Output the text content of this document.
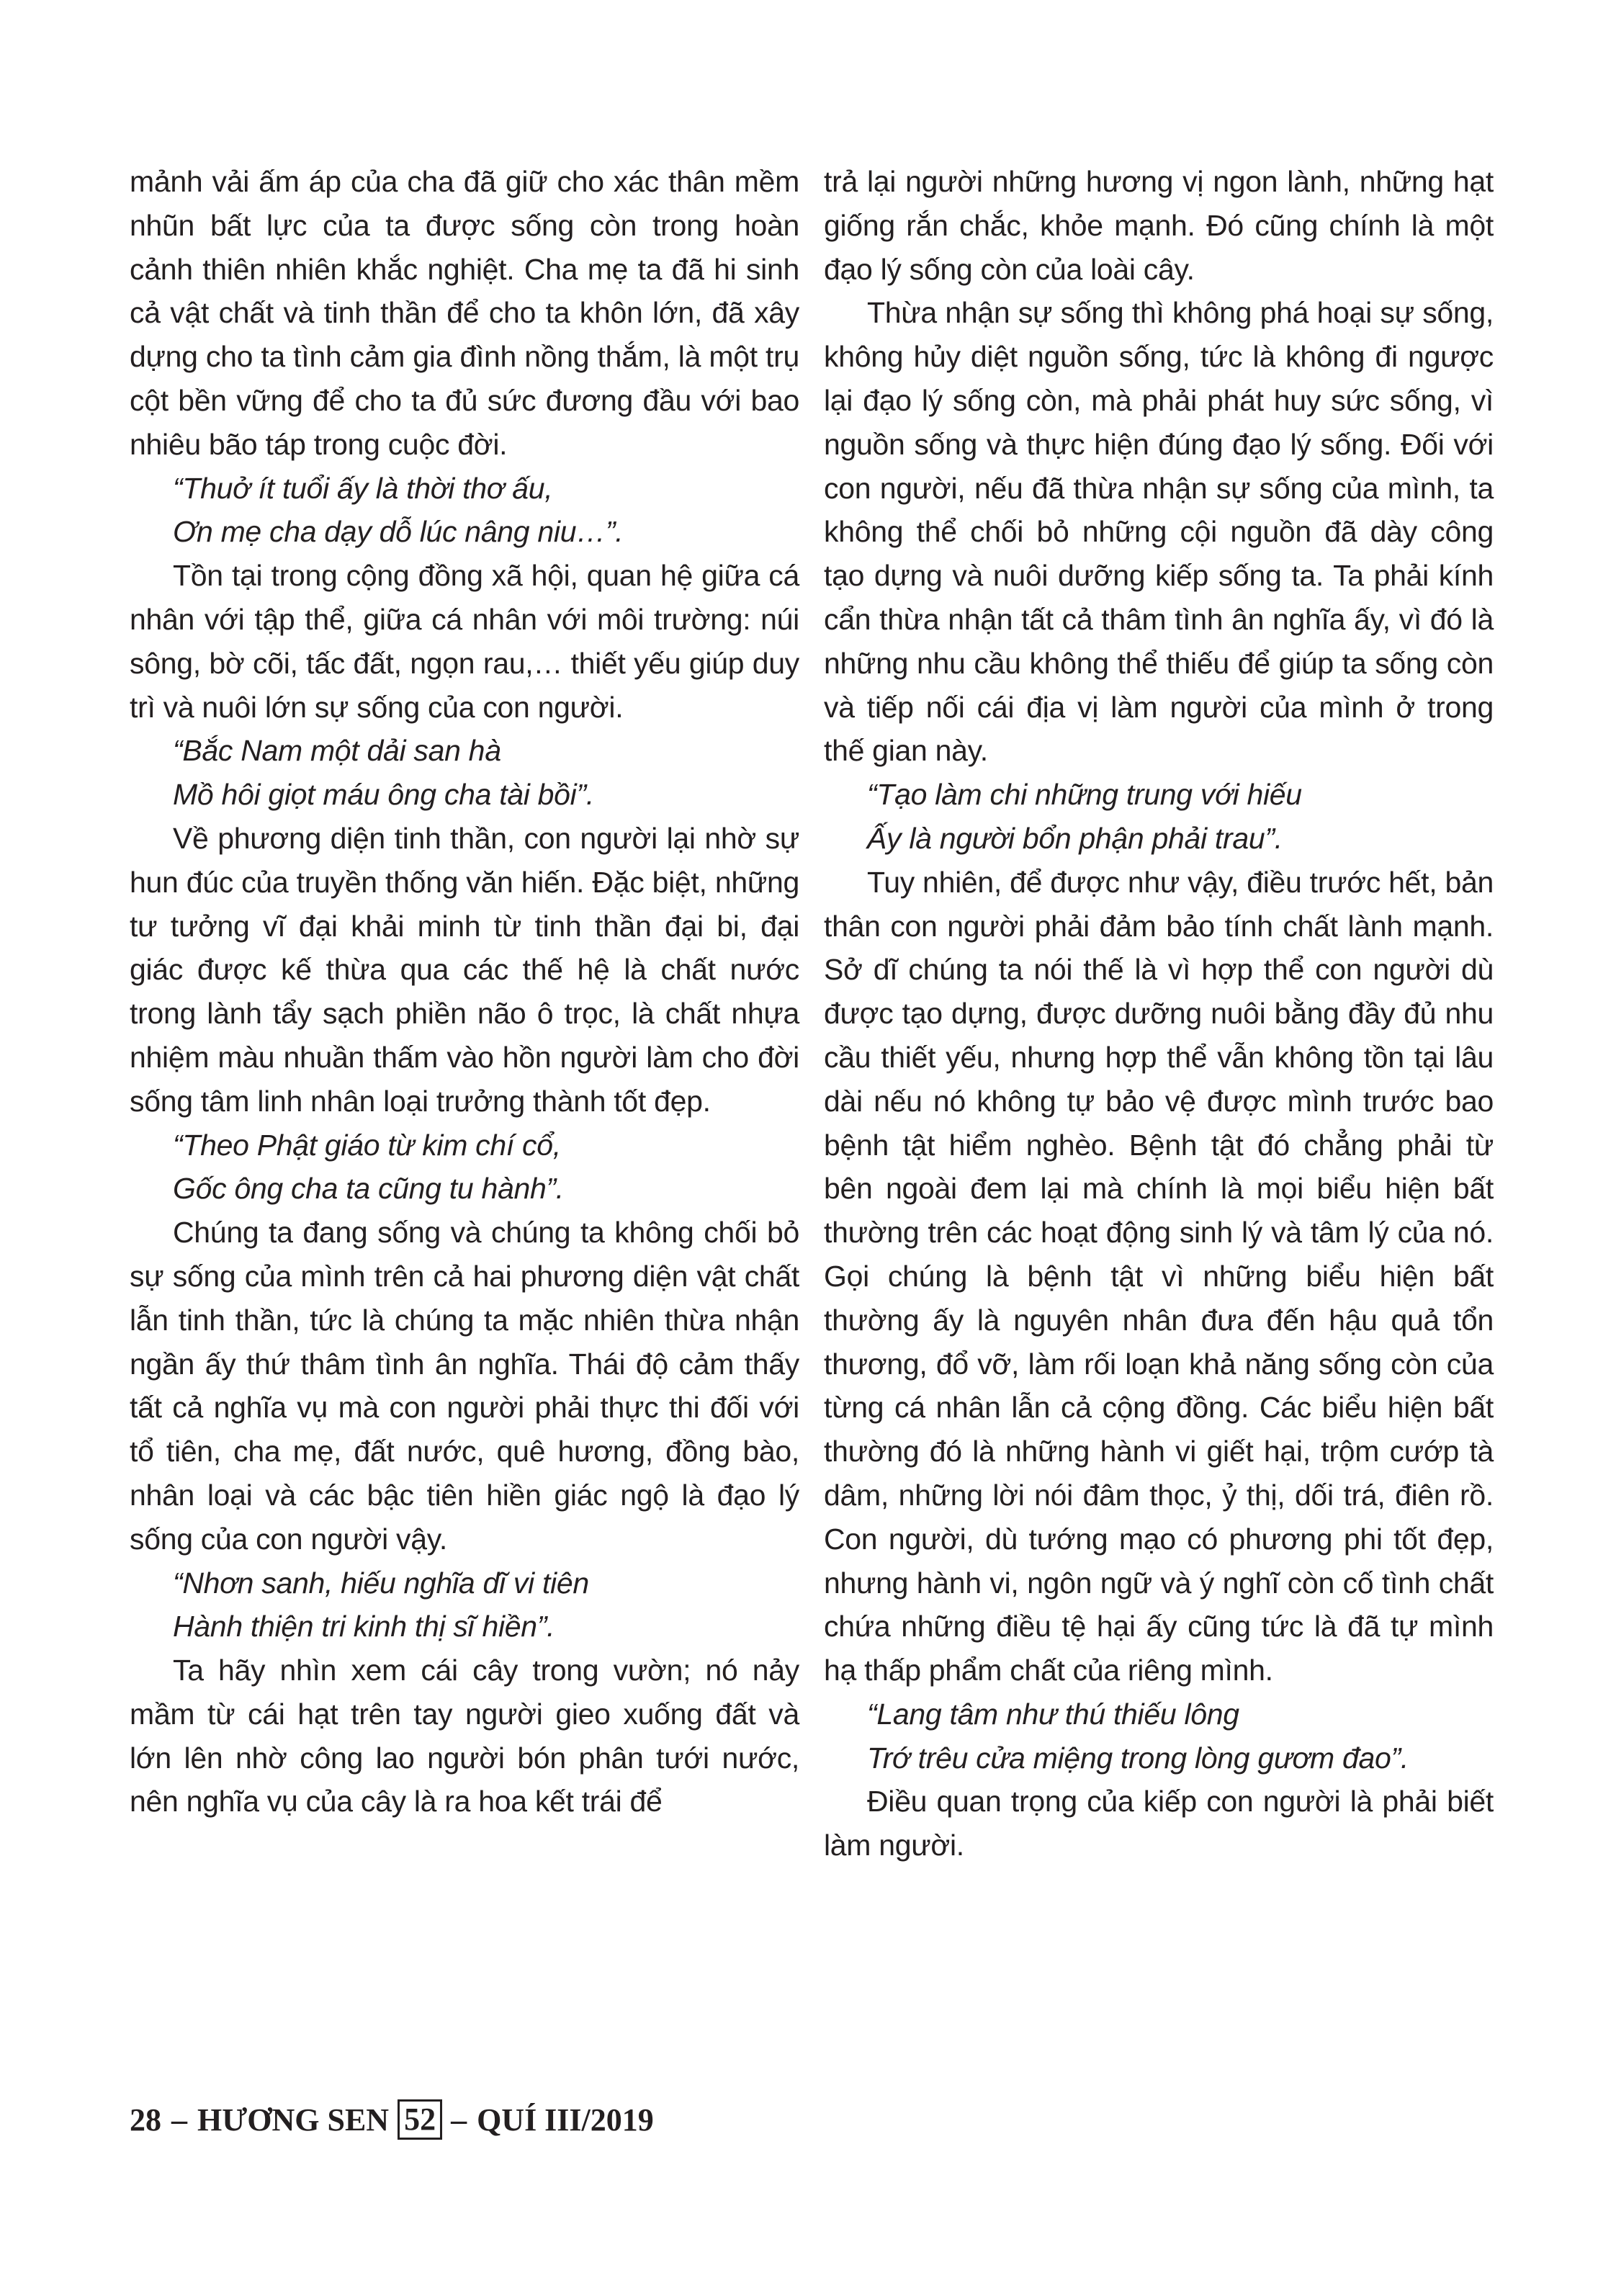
mảnh vải ấm áp của cha đã giữ cho xác thân mềm nhũn bất lực của ta được sống còn trong hoàn cảnh thiên nhiên khắc nghiệt. Cha mẹ ta đã hi sinh cả vật chất và tinh thần để cho ta khôn lớn, đã xây dựng cho ta tình cảm gia đình nồng thắm, là một trụ cột bền vững để cho ta đủ sức đương đầu với bao nhiêu bão táp trong cuộc đời.

“Thuở ít tuổi ấy là thời thơ ấu,

Ơn mẹ cha dạy dỗ lúc nâng niu…”.

Tồn tại trong cộng đồng xã hội, quan hệ giữa cá nhân với tập thể, giữa cá nhân với môi trường: núi sông, bờ cõi, tấc đất, ngọn rau,… thiết yếu giúp duy trì và nuôi lớn sự sống của con người.

“Bắc Nam một dải san hà

Mồ hôi giọt máu ông cha tài bồi”.

Về phương diện tinh thần, con người lại nhờ sự hun đúc của truyền thống văn hiến. Đặc biệt, những tư tưởng vĩ đại khải minh từ tinh thần đại bi, đại giác được kế thừa qua các thế hệ là chất nước trong lành tẩy sạch phiền não ô trọc, là chất nhựa nhiệm màu nhuần thấm vào hồn người làm cho đời sống tâm linh nhân loại trưởng thành tốt đẹp.

“Theo Phật giáo từ kim chí cổ,

Gốc ông cha ta cũng tu hành”.

Chúng ta đang sống và chúng ta không chối bỏ sự sống của mình trên cả hai phương diện vật chất lẫn tinh thần, tức là chúng ta mặc nhiên thừa nhận ngần ấy thứ thâm tình ân nghĩa. Thái độ cảm thấy tất cả nghĩa vụ mà con người phải thực thi đối với tổ tiên, cha mẹ, đất nước, quê hương, đồng bào, nhân loại và các bậc tiên hiền giác ngộ là đạo lý sống của con người vậy.

“Nhơn sanh, hiếu nghĩa dĩ vi tiên

Hành thiện tri kinh thị sĩ hiền”.

Ta hãy nhìn xem cái cây trong vườn; nó nảy mầm từ cái hạt trên tay người gieo xuống đất và lớn lên nhờ công lao người bón phân tưới nước, nên nghĩa vụ của cây là ra hoa kết trái để

trả lại người những hương vị ngon lành, những hạt giống rắn chắc, khỏe mạnh. Đó cũng chính là một đạo lý sống còn của loài cây.

Thừa nhận sự sống thì không phá hoại sự sống, không hủy diệt nguồn sống, tức là không đi ngược lại đạo lý sống còn, mà phải phát huy sức sống, vì nguồn sống và thực hiện đúng đạo lý sống. Đối với con người, nếu đã thừa nhận sự sống của mình, ta không thể chối bỏ những cội nguồn đã dày công tạo dựng và nuôi dưỡng kiếp sống ta. Ta phải kính cẩn thừa nhận tất cả thâm tình ân nghĩa ấy, vì đó là những nhu cầu không thể thiếu để giúp ta sống còn và tiếp nối cái địa vị làm người của mình ở trong thế gian này.

“Tạo làm chi những trung với hiếu

Ấy là người bổn phận phải trau”.

Tuy nhiên, để được như vậy, điều trước hết, bản thân con người phải đảm bảo tính chất lành mạnh. Sở dĩ chúng ta nói thế là vì hợp thể con người dù được tạo dựng, được dưỡng nuôi bằng đầy đủ nhu cầu thiết yếu, nhưng hợp thể vẫn không tồn tại lâu dài nếu nó không tự bảo vệ được mình trước bao bệnh tật hiểm nghèo. Bệnh tật đó chẳng phải từ bên ngoài đem lại mà chính là mọi biểu hiện bất thường trên các hoạt động sinh lý và tâm lý của nó. Gọi chúng là bệnh tật vì những biểu hiện bất thường ấy là nguyên nhân đưa đến hậu quả tổn thương, đổ vỡ, làm rối loạn khả năng sống còn của từng cá nhân lẫn cả cộng đồng. Các biểu hiện bất thường đó là những hành vi giết hại, trộm cướp tà dâm, những lời nói đâm thọc, ỷ thị, dối trá, điên rồ. Con người, dù tướng mạo có phương phi tốt đẹp, nhưng hành vi, ngôn ngữ và ý nghĩ còn cố tình chất chứa những điều tệ hại ấy cũng tức là đã tự mình hạ thấp phẩm chất của riêng mình.

“Lang tâm như thú thiếu lông

Trớ trêu cửa miệng trong lòng gươm đao”.

Điều quan trọng của kiếp con người là phải biết làm người.

28 – HƯƠNG SEN 52 – QUÍ III/2019
